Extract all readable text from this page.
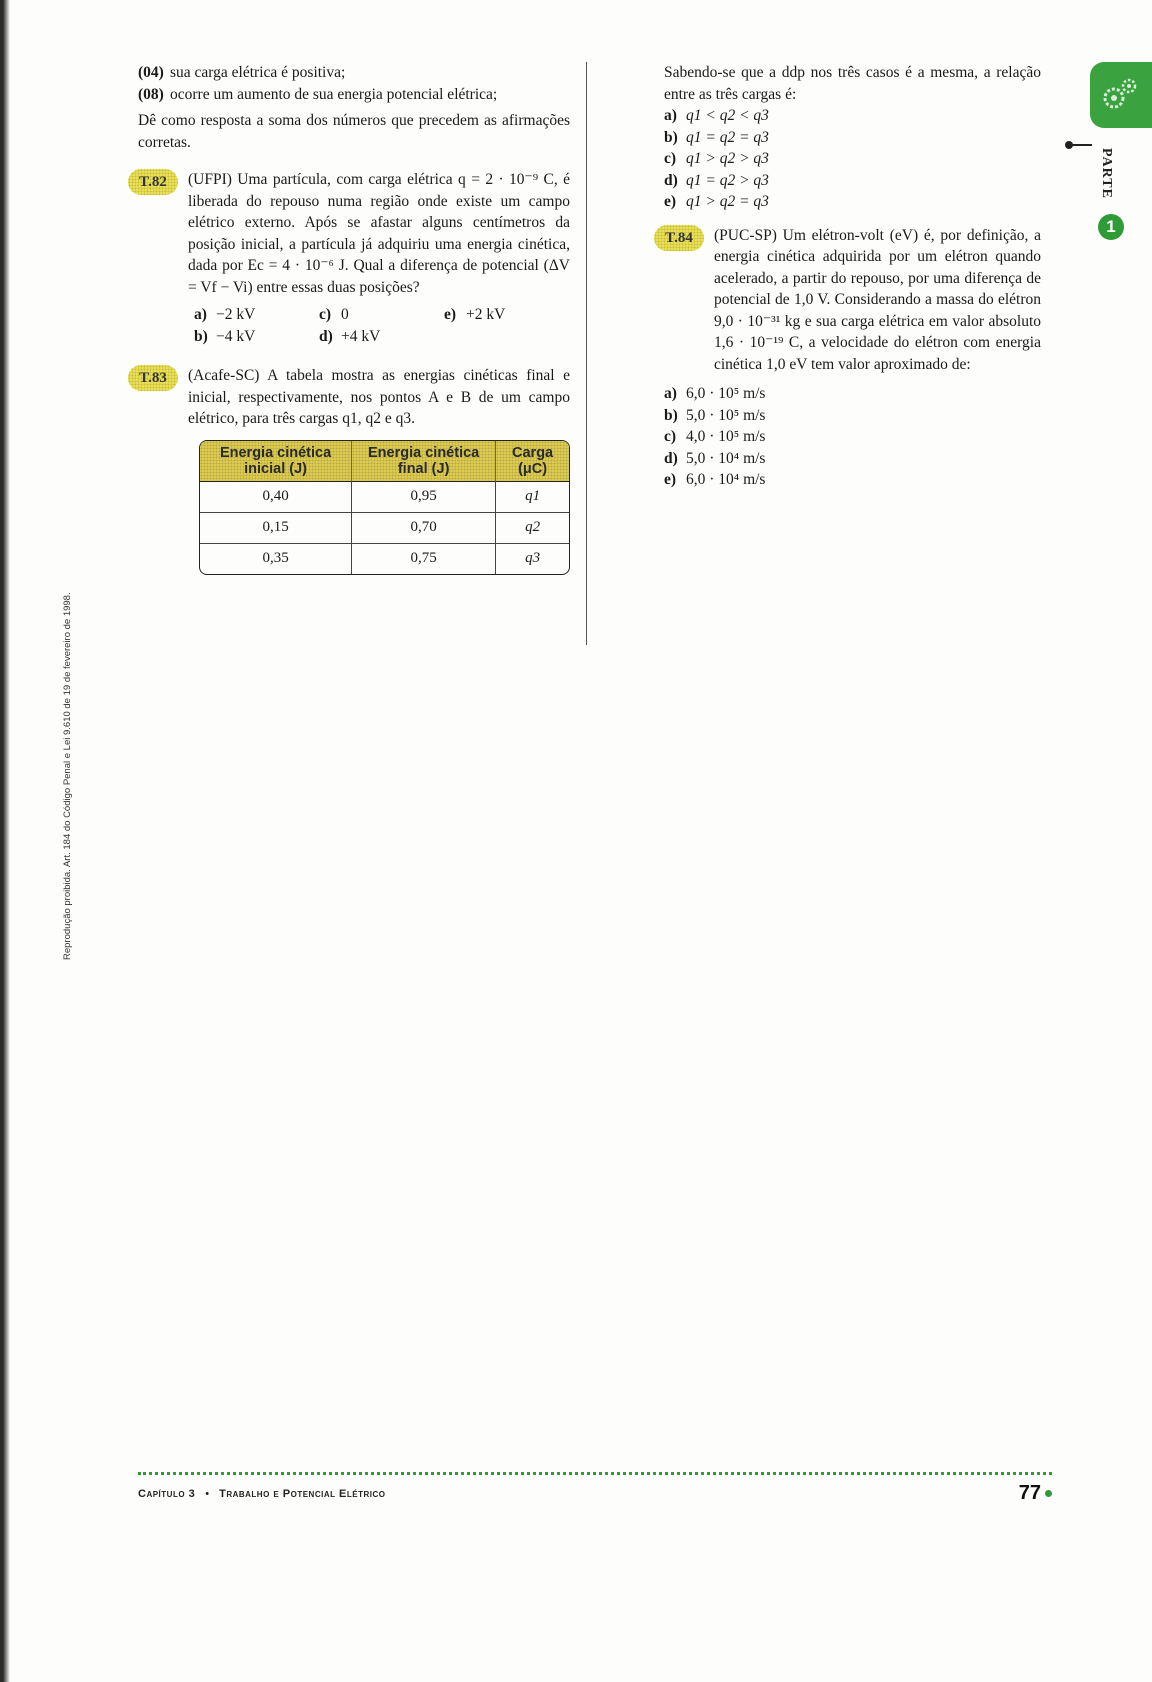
(04) sua carga elétrica é positiva;
(08) ocorre um aumento de sua energia potencial elétrica;

Dê como resposta a soma dos números que precedem as afirmações corretas.

T.82	(UFPI) Uma partícula, com carga elétrica q = 2 · 10⁻⁹ C, é liberada do repouso numa região onde existe um campo elétrico externo. Após se afastar alguns centímetros da posição inicial, a partícula já adquiriu uma energia cinética, dada por Ec = 4 · 10⁻⁶ J. Qual a diferença de potencial (ΔV = Vf − Vi) entre essas duas posições?

a) −2 kV	c) 0	e) +2 kV
b) −4 kV	d) +4 kV
T.83	(Acafe-SC) A tabela mostra as energias cinéticas final e inicial, respectivamente, nos pontos A e B de um campo elétrico, para três cargas q1, q2 e q3.

Energia cinética inicial (J)	Energia cinética final (J)	Carga (μC)
0,40	0,95	q1
0,15	0,70	q2
0,35	0,75	q3

Sabendo-se que a ddp nos três casos é a mesma, a relação entre as três cargas é:

a) q1 < q2 < q3
b) q1 = q2 = q3
c) q1 > q2 > q3
d) q1 = q2 > q3
e) q1 > q2 = q3
T.84	(PUC-SP) Um elétron-volt (eV) é, por definição, a energia cinética adquirida por um elétron quando acelerado, a partir do repouso, por uma diferença de potencial de 1,0 V. Considerando a massa do elétron 9,0 · 10⁻³¹ kg e sua carga elétrica em valor absoluto 1,6 · 10⁻¹⁹ C, a velocidade do elétron com energia cinética 1,0 eV tem valor aproximado de:

a) 6,0 · 10⁵ m/s
b) 5,0 · 10⁵ m/s
c) 4,0 · 10⁵ m/s
d) 5,0 · 10⁴ m/s
e) 6,0 · 10⁴ m/s
PARTE
1
Reprodução proibida. Art. 184 do Código Penal e Lei 9.610 de 19 de fevereiro de 1998.
Capítulo 3 • Trabalho e Potencial Elétrico	77
